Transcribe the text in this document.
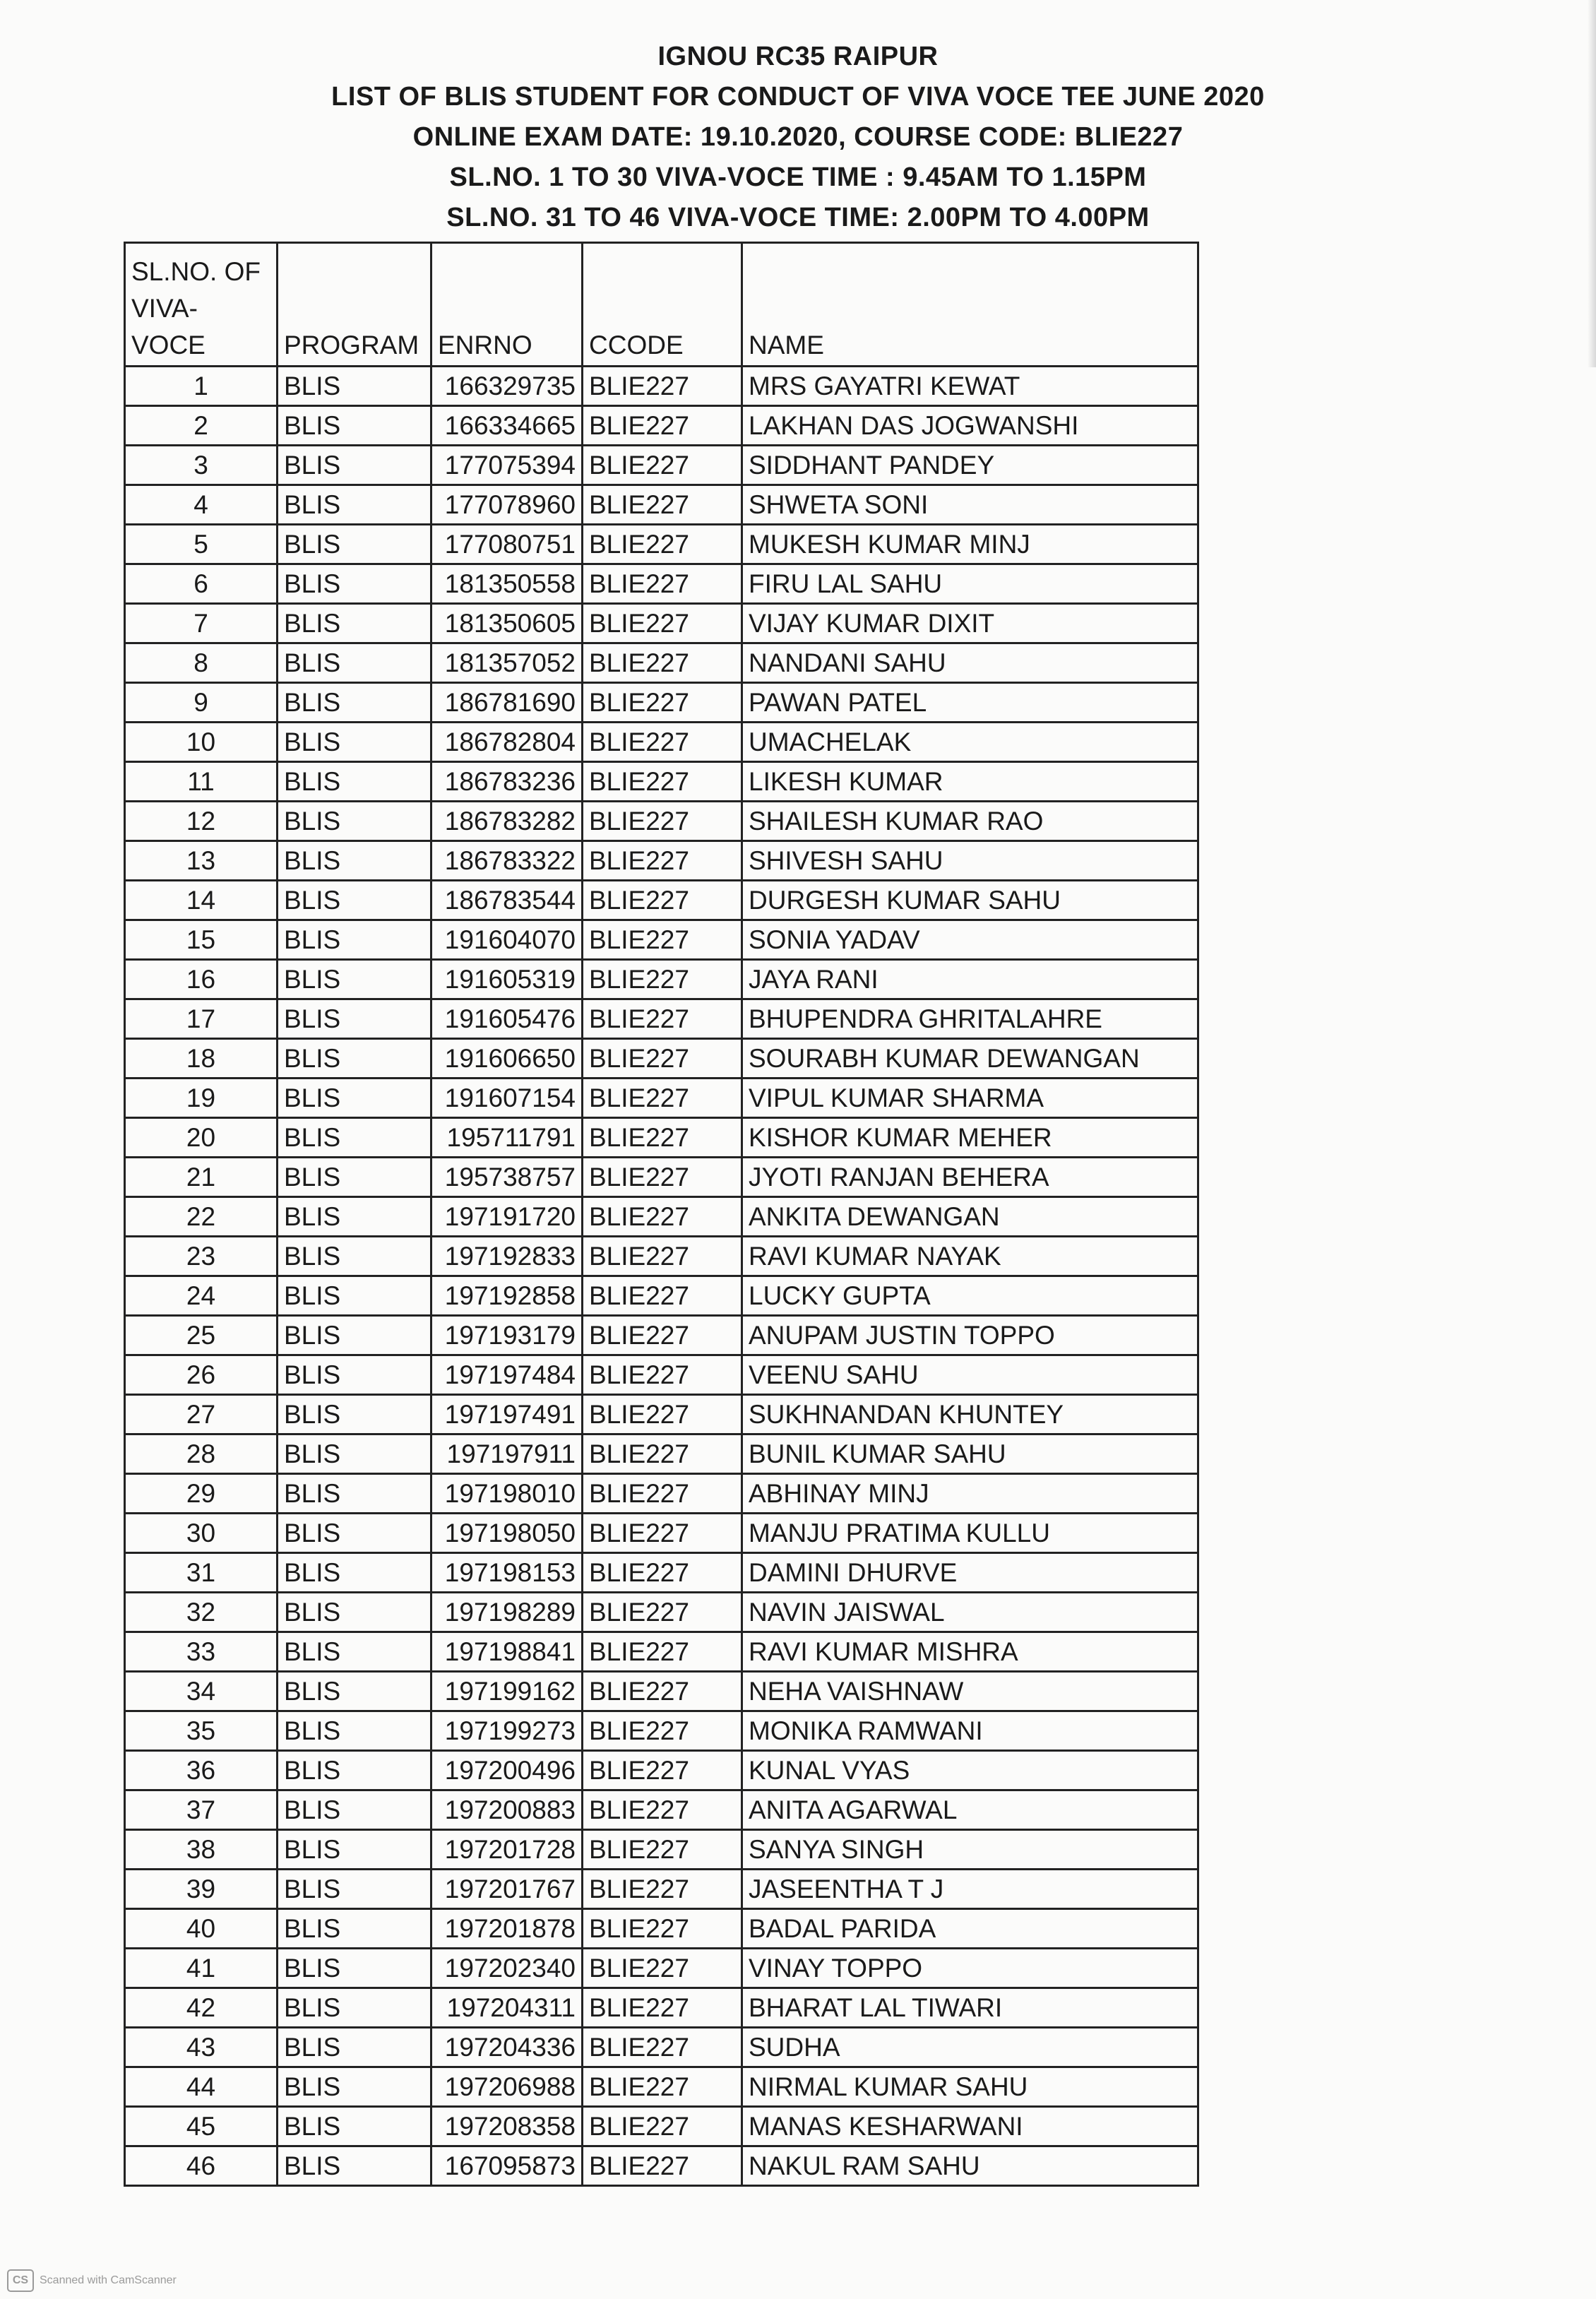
IGNOU RC35 RAIPUR
LIST OF BLIS STUDENT FOR CONDUCT OF VIVA VOCE TEE JUNE 2020
ONLINE EXAM DATE: 19.10.2020, COURSE CODE: BLIE227
SL.NO. 1 TO 30 VIVA-VOCE TIME : 9.45AM TO 1.15PM
SL.NO. 31 TO 46 VIVA-VOCE TIME: 2.00PM TO 4.00PM
SL.NO. OF VIVA-VOCE	PROGRAM	ENRNO	CCODE	NAME
1	BLIS	166329735	BLIE227	MRS GAYATRI KEWAT
2	BLIS	166334665	BLIE227	LAKHAN DAS JOGWANSHI
3	BLIS	177075394	BLIE227	SIDDHANT PANDEY
4	BLIS	177078960	BLIE227	SHWETA SONI
5	BLIS	177080751	BLIE227	MUKESH KUMAR MINJ
6	BLIS	181350558	BLIE227	FIRU LAL SAHU
7	BLIS	181350605	BLIE227	VIJAY KUMAR DIXIT
8	BLIS	181357052	BLIE227	NANDANI SAHU
9	BLIS	186781690	BLIE227	PAWAN PATEL
10	BLIS	186782804	BLIE227	UMACHELAK
11	BLIS	186783236	BLIE227	LIKESH KUMAR
12	BLIS	186783282	BLIE227	SHAILESH KUMAR RAO
13	BLIS	186783322	BLIE227	SHIVESH SAHU
14	BLIS	186783544	BLIE227	DURGESH KUMAR SAHU
15	BLIS	191604070	BLIE227	SONIA YADAV
16	BLIS	191605319	BLIE227	JAYA RANI
17	BLIS	191605476	BLIE227	BHUPENDRA GHRITALAHRE
18	BLIS	191606650	BLIE227	SOURABH KUMAR DEWANGAN
19	BLIS	191607154	BLIE227	VIPUL KUMAR SHARMA
20	BLIS	195711791	BLIE227	KISHOR KUMAR MEHER
21	BLIS	195738757	BLIE227	JYOTI RANJAN BEHERA
22	BLIS	197191720	BLIE227	ANKITA DEWANGAN
23	BLIS	197192833	BLIE227	RAVI KUMAR NAYAK
24	BLIS	197192858	BLIE227	LUCKY GUPTA
25	BLIS	197193179	BLIE227	ANUPAM JUSTIN TOPPO
26	BLIS	197197484	BLIE227	VEENU SAHU
27	BLIS	197197491	BLIE227	SUKHNANDAN KHUNTEY
28	BLIS	197197911	BLIE227	BUNIL KUMAR SAHU
29	BLIS	197198010	BLIE227	ABHINAY MINJ
30	BLIS	197198050	BLIE227	MANJU PRATIMA KULLU
31	BLIS	197198153	BLIE227	DAMINI DHURVE
32	BLIS	197198289	BLIE227	NAVIN JAISWAL
33	BLIS	197198841	BLIE227	RAVI KUMAR MISHRA
34	BLIS	197199162	BLIE227	NEHA VAISHNAW
35	BLIS	197199273	BLIE227	MONIKA RAMWANI
36	BLIS	197200496	BLIE227	KUNAL VYAS
37	BLIS	197200883	BLIE227	ANITA AGARWAL
38	BLIS	197201728	BLIE227	SANYA SINGH
39	BLIS	197201767	BLIE227	JASEENTHA T J
40	BLIS	197201878	BLIE227	BADAL PARIDA
41	BLIS	197202340	BLIE227	VINAY TOPPO
42	BLIS	197204311	BLIE227	BHARAT LAL TIWARI
43	BLIS	197204336	BLIE227	SUDHA
44	BLIS	197206988	BLIE227	NIRMAL KUMAR SAHU
45	BLIS	197208358	BLIE227	MANAS KESHARWANI
46	BLIS	167095873	BLIE227	NAKUL RAM SAHU
CS Scanned with CamScanner
